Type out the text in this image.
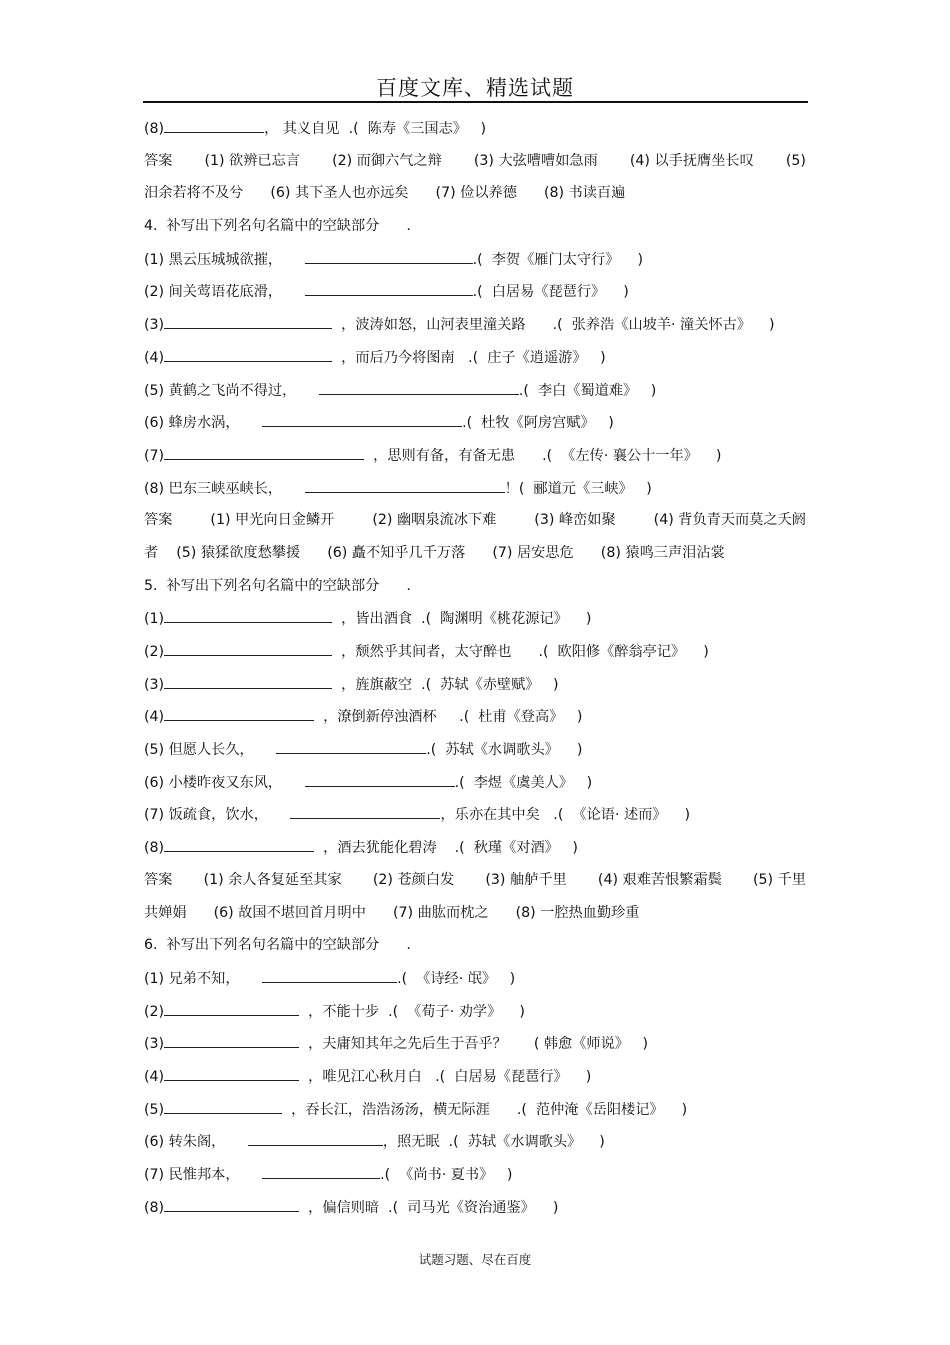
百度文库、精选试题
(8)	， 其义自见  .(  陈寿《三国志》   )
答案 (1) 欲辨已忘言 (2) 而御六气之辩 (3) 大弦嘈嘈如急雨 (4) 以手抚膺坐长叹 (5)
汨余若将不及兮      (6) 其下圣人也亦远矣      (7) 俭以养德      (8) 书读百遍
4.  补写出下列名句名篇中的空缺部分      .
(1) 黑云压城城欲摧，	.(  李贺《雁门太守行》    )
(2) 间关莺语花底滑，	.(  白居易《琵琶行》    )
(3)	，波涛如怒，山河表里潼关路      .(  张养浩《山坡羊· 潼关怀古》    )
(4)	，而后乃今将图南   .(  庄子《逍遥游》   )
(5) 黄鹤之飞尚不得过，	.(  李白《蜀道难》   )
(6) 蜂房水涡，	.(  杜牧《阿房宫赋》   )
(7)	，思则有备，有备无患      .(  《左传· 襄公十一年》    )
(8) 巴东三峡巫峡长，	！(  郦道元《三峡》   )
答案	(1) 甲光向日金鳞开	(2) 幽咽泉流冰下难	(3) 峰峦如聚	(4) 背负青天而莫之夭阏
者    (5) 猿猱欲度愁攀援      (6) 矗不知乎几千万落      (7) 居安思危      (8) 猿鸣三声泪沾裳
5.  补写出下列名句名篇中的空缺部分      .
(1)	，皆出酒食  .(  陶渊明《桃花源记》    )
(2)	，颓然乎其间者，太守醉也      .(  欧阳修《醉翁亭记》    )
(3)	，旌旗蔽空  .(  苏轼《赤壁赋》   )
(4)	，潦倒新停浊酒杯     .(  杜甫《登高》   )
(5) 但愿人长久，	.(  苏轼《水调歌头》    )
(6) 小楼昨夜又东风，	.(  李煜《虞美人》   )
(7) 饭疏食，饮水，	，乐亦在其中矣   .(  《论语· 述而》    )
(8)	，酒去犹能化碧涛    .(  秋瑾《对酒》   )
答案 (1) 余人各复延至其家 (2) 苍颜白发 (3) 舳舻千里 (4) 艰难苦恨繁霜鬓 (5) 千里
共婵娟      (6) 故国不堪回首月明中      (7) 曲肱而枕之      (8) 一腔热血勤珍重
6.  补写出下列名句名篇中的空缺部分      .
(1) 兄弟不知，	.(  《诗经· 氓》   )
(2)	，不能十步  .(  《荀子· 劝学》    )
(3)	，夫庸知其年之先后生于吾乎？      ( 韩愈《师说》   )
(4)	，唯见江心秋月白   .(  白居易《琵琶行》    )
(5)	，吞长江，浩浩汤汤，横无际涯      .(  范仲淹《岳阳楼记》    )
(6) 转朱阁，	，照无眠  .(  苏轼《水调歌头》    )
(7) 民惟邦本，	.(  《尚书· 夏书》   )
(8)	，偏信则暗  .(  司马光《资治通鉴》    )
试题习题、尽在百度
